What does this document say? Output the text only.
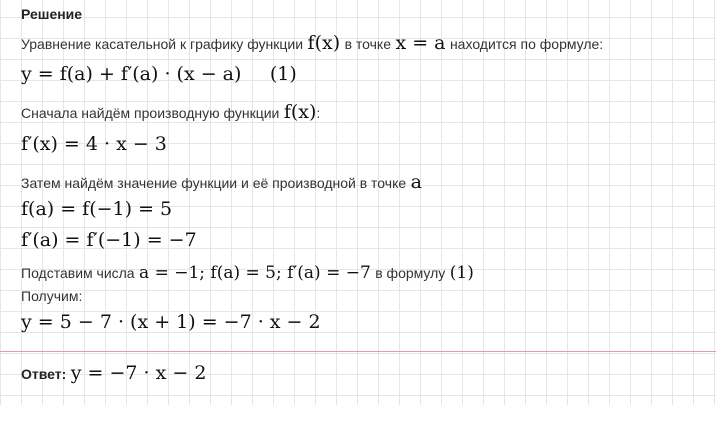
Решение
Уравнение касательной к графику функции f(x) в точке x = a находится по формуле:
y = f(a) + f′(a) · (x − a) (1)
Сначала найдём производную функции f(x):
f′(x) = 4 · x − 3
Затем найдём значение функции и её производной в точке a
f(a) = f(−1) = 5
f′(a) = f′(−1) = −7
Подставим числа a = −1; f(a) = 5; f′(a) = −7 в формулу (1)
Получим:
y = 5 − 7 · (x + 1) = −7 · x − 2
Ответ: y = −7 · x − 2
